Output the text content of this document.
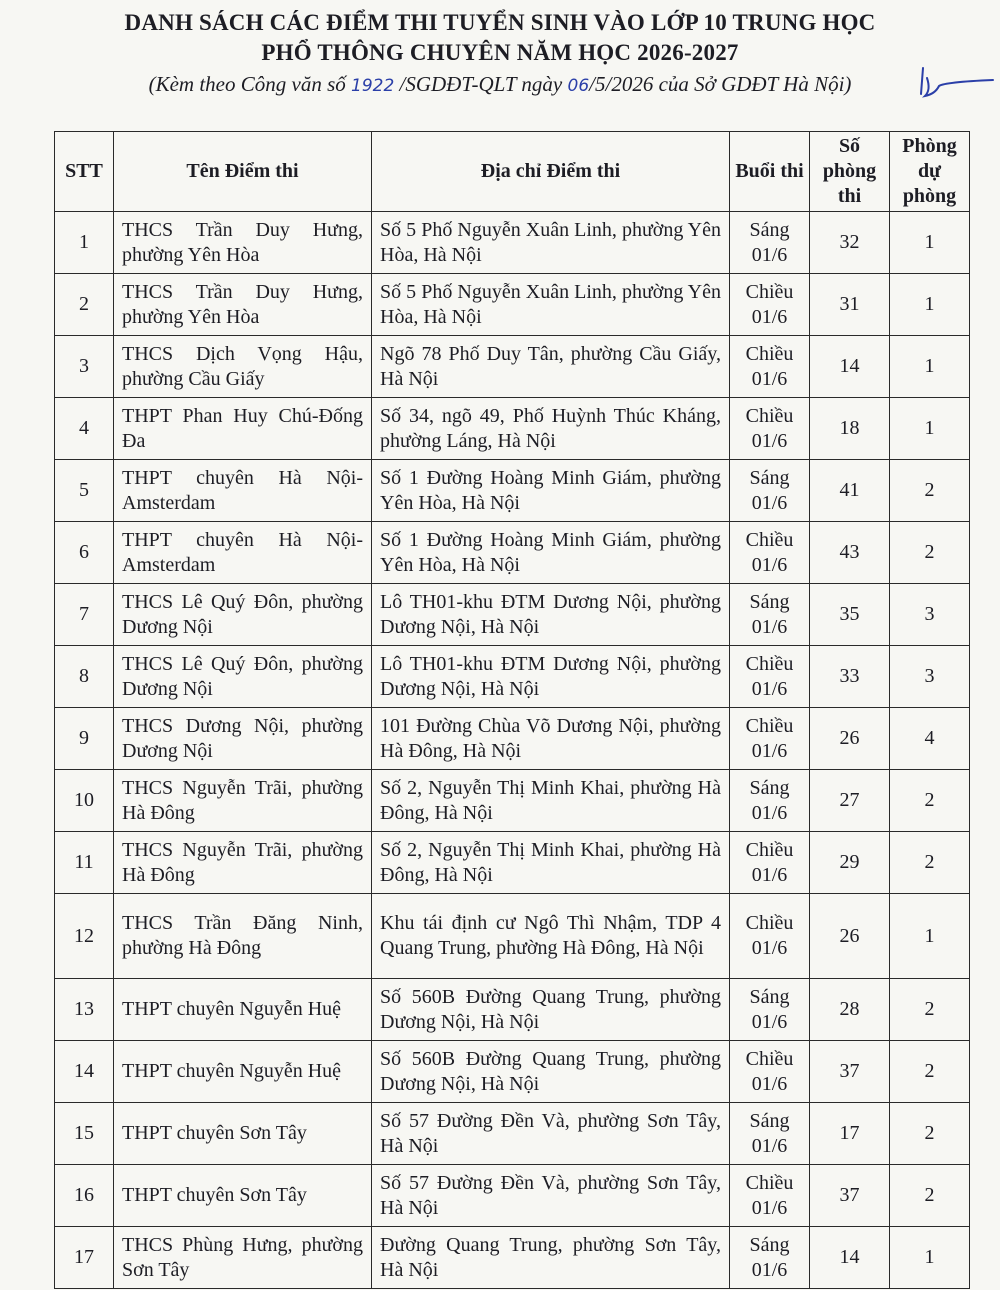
DANH SÁCH CÁC ĐIỂM THI TUYỂN SINH VÀO LỚP 10 TRUNG HỌC
PHỔ THÔNG CHUYÊN NĂM HỌC 2026-2027
(Kèm theo Công văn số 1922 /SGDĐT-QLT ngày 06/5/2026 của Sở GDĐT Hà Nội)
STT	Tên Điểm thi	Địa chỉ Điểm thi	Buổi thi	Số phòng thi	Phòng dự phòng
1	THCS Trần Duy Hưng, phường Yên Hòa	Số 5 Phố Nguyễn Xuân Linh, phường Yên Hòa, Hà Nội	Sáng 01/6	32	1
2	THCS Trần Duy Hưng, phường Yên Hòa	Số 5 Phố Nguyễn Xuân Linh, phường Yên Hòa, Hà Nội	Chiều 01/6	31	1
3	THCS Dịch Vọng Hậu, phường Cầu Giấy	Ngõ 78 Phố Duy Tân, phường Cầu Giấy, Hà Nội	Chiều 01/6	14	1
4	THPT Phan Huy Chú-Đống Đa	Số 34, ngõ 49, Phố Huỳnh Thúc Kháng, phường Láng, Hà Nội	Chiều 01/6	18	1
5	THPT chuyên Hà Nội-Amsterdam	Số 1 Đường Hoàng Minh Giám, phường Yên Hòa, Hà Nội	Sáng 01/6	41	2
6	THPT chuyên Hà Nội-Amsterdam	Số 1 Đường Hoàng Minh Giám, phường Yên Hòa, Hà Nội	Chiều 01/6	43	2
7	THCS Lê Quý Đôn, phường Dương Nội	Lô TH01-khu ĐTM Dương Nội, phường Dương Nội, Hà Nội	Sáng 01/6	35	3
8	THCS Lê Quý Đôn, phường Dương Nội	Lô TH01-khu ĐTM Dương Nội, phường Dương Nội, Hà Nội	Chiều 01/6	33	3
9	THCS Dương Nội, phường Dương Nội	101 Đường Chùa Võ Dương Nội, phường Hà Đông, Hà Nội	Chiều 01/6	26	4
10	THCS Nguyễn Trãi, phường Hà Đông	Số 2, Nguyễn Thị Minh Khai, phường Hà Đông, Hà Nội	Sáng 01/6	27	2
11	THCS Nguyễn Trãi, phường Hà Đông	Số 2, Nguyễn Thị Minh Khai, phường Hà Đông, Hà Nội	Chiều 01/6	29	2
12	THCS Trần Đăng Ninh, phường Hà Đông	Khu tái định cư Ngô Thì Nhậm, TDP 4 Quang Trung, phường Hà Đông, Hà Nội	Chiều 01/6	26	1
13	THPT chuyên Nguyễn Huệ	Số 560B Đường Quang Trung, phường Dương Nội, Hà Nội	Sáng 01/6	28	2
14	THPT chuyên Nguyễn Huệ	Số 560B Đường Quang Trung, phường Dương Nội, Hà Nội	Chiều 01/6	37	2
15	THPT chuyên Sơn Tây	Số 57 Đường Đền Và, phường Sơn Tây, Hà Nội	Sáng 01/6	17	2
16	THPT chuyên Sơn Tây	Số 57 Đường Đền Và, phường Sơn Tây, Hà Nội	Chiều 01/6	37	2
17	THCS Phùng Hưng, phường Sơn Tây	Đường Quang Trung, phường Sơn Tây, Hà Nội	Sáng 01/6	14	1
